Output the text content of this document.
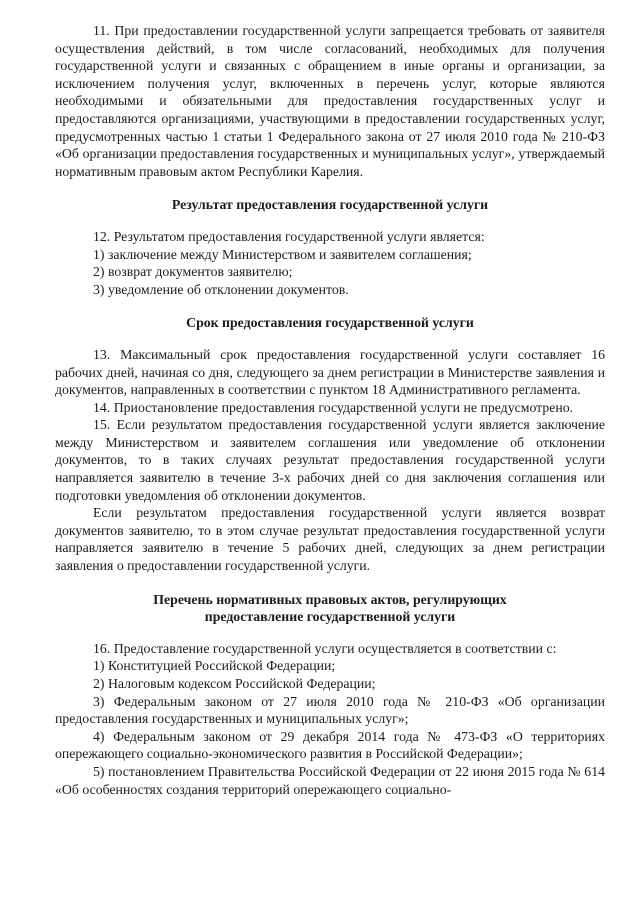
11. При предоставлении государственной услуги запрещается требовать от заявителя осуществления действий, в том числе согласований, необходимых для получения государственной услуги и связанных с обращением в иные органы и организации, за исключением получения услуг, включенных в перечень услуг, которые являются необходимыми и обязательными для предоставления государственных услуг и предоставляются организациями, участвующими в предоставлении государственных услуг, предусмотренных частью 1 статьи 1 Федерального закона от 27 июля 2010 года № 210-ФЗ «Об организации предоставления государственных и муниципальных услуг», утверждаемый нормативным правовым актом Республики Карелия.

Результат предоставления государственной услуги

12. Результатом предоставления государственной услуги является:

1) заключение между Министерством и заявителем соглашения;

2) возврат документов заявителю;

3) уведомление об отклонении документов.

Срок предоставления государственной услуги

13. Максимальный срок предоставления государственной услуги составляет 16 рабочих дней, начиная со дня, следующего за днем регистрации в Министерстве заявления и документов, направленных в соответствии с пунктом 18 Административного регламента.

14. Приостановление предоставления государственной услуги не предусмотрено.

15. Если результатом предоставления государственной услуги является заключение между Министерством и заявителем соглашения или уведомление об отклонении документов, то в таких случаях результат предоставления государственной услуги направляется заявителю в течение 3-х рабочих дней со дня заключения соглашения или подготовки уведомления об отклонении документов.

Если результатом предоставления государственной услуги является возврат документов заявителю, то в этом случае результат предоставления государственной услуги направляется заявителю в течение 5 рабочих дней, следующих за днем регистрации заявления о предоставлении государственной услуги.

Перечень нормативных правовых актов, регулирующих
предоставление государственной услуги

16. Предоставление государственной услуги осуществляется в соответствии с:

1) Конституцией Российской Федерации;

2) Налоговым кодексом Российской Федерации;

3) Федеральным законом от 27 июля 2010 года № 210-ФЗ «Об организации предоставления государственных и муниципальных услуг»;

4) Федеральным законом от 29 декабря 2014 года № 473-ФЗ «О территориях опережающего социально-экономического развития в Российской Федерации»;

5) постановлением Правительства Российской Федерации от 22 июня 2015 года № 614 «Об особенностях создания территорий опережающего социально-
